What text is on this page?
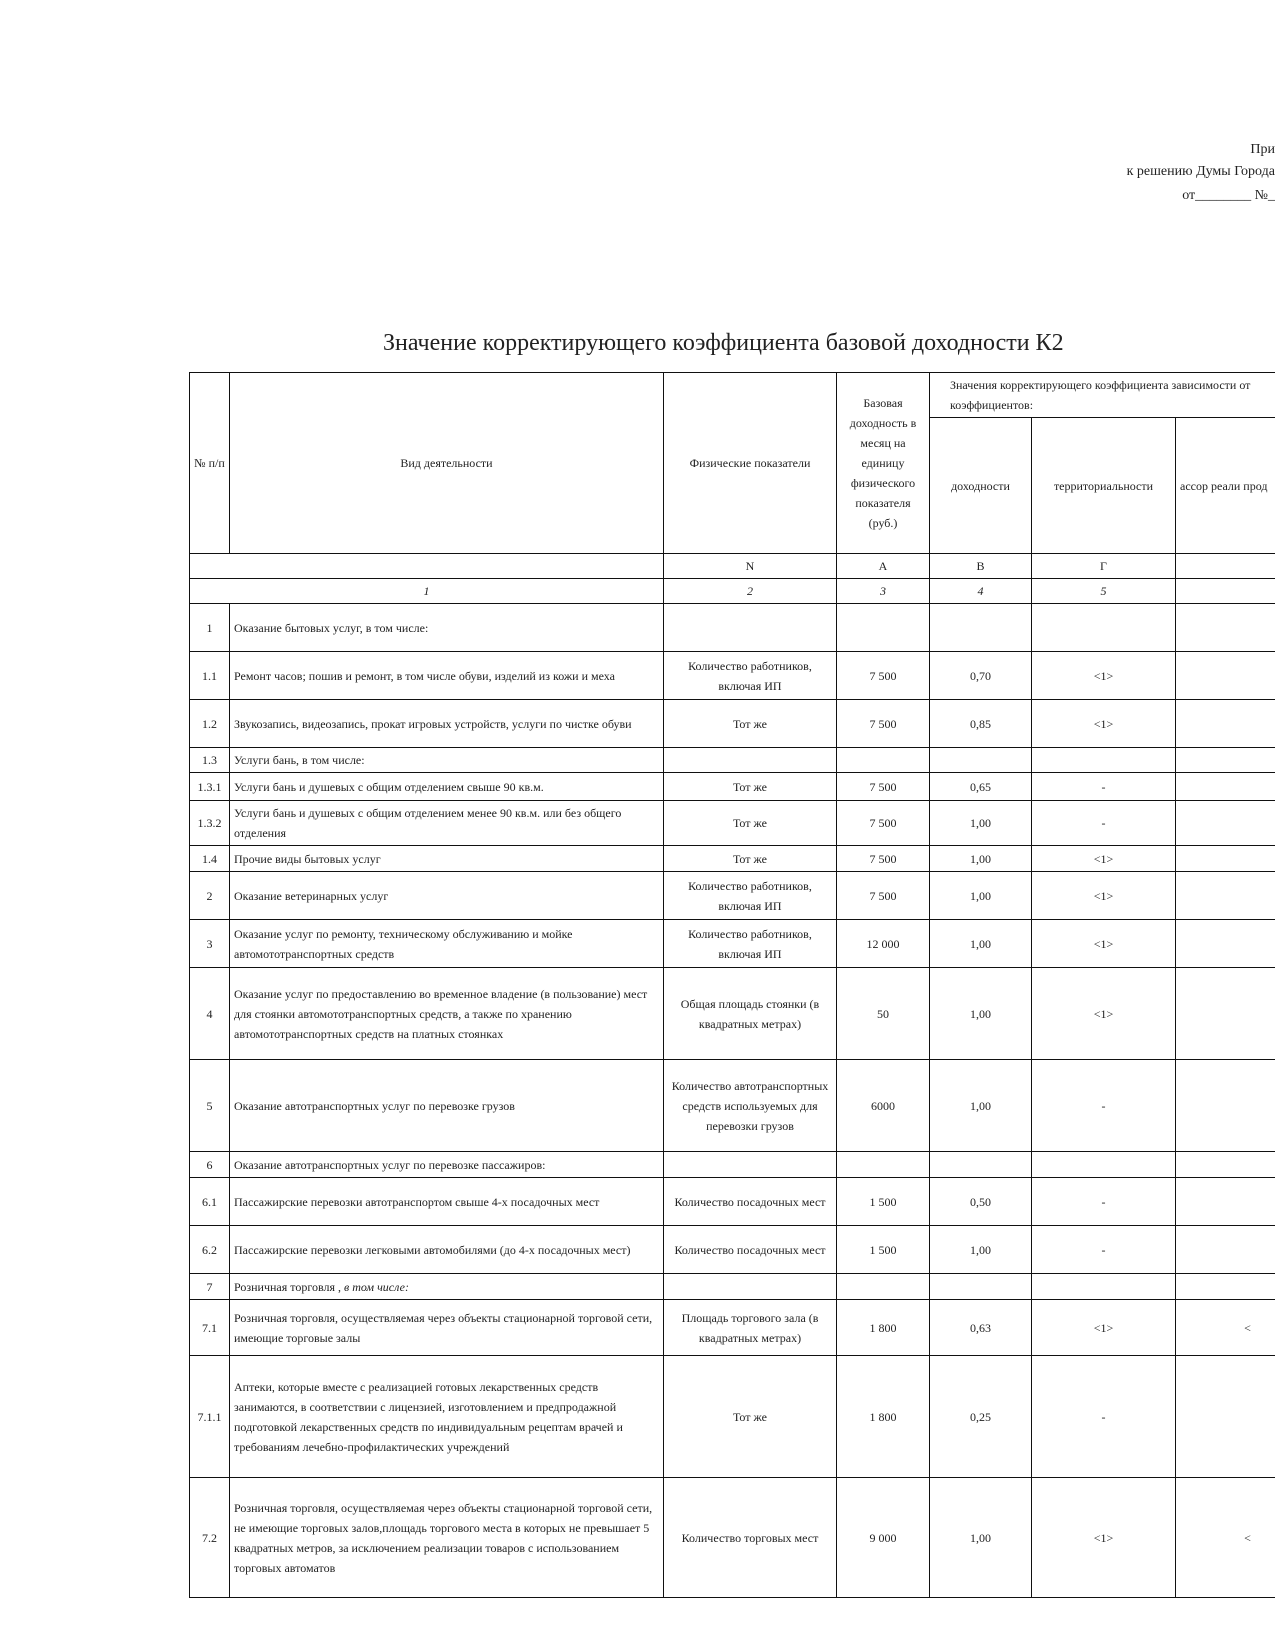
При
к решению Думы Города
от________ №_
Значение корректирующего коэффициента базовой доходности К2
№ п/п	Вид деятельности	Физические показатели	Базовая доходность в месяц на единицу физического показателя (руб.)	Значения корректирующего коэффициента зависимости от коэффициентов:		
				доходности	территориальности	ассор реали прод
		N	А	В	Г	
1		2	3	4	5	
1	Оказание бытовых услуг, в том числе:					
1.1	Ремонт часов; пошив и ремонт, в том числе обуви, изделий из кожи и меха	Количество работников, включая ИП	7 500	0,70	<1>	
1.2	Звукозапись, видеозапись, прокат игровых устройств, услуги по чистке обуви	Тот же	7 500	0,85	<1>	
1.3	Услуги бань, в том числе:					
1.3.1	Услуги бань и душевых с общим отделением свыше 90 кв.м.	Тот же	7 500	0,65	-	
1.3.2	Услуги бань и душевых с общим отделением менее 90 кв.м. или без общего отделения	Тот же	7 500	1,00	-	
1.4	Прочие виды бытовых услуг	Тот же	7 500	1,00	<1>	
2	Оказание ветеринарных услуг	Количество работников, включая ИП	7 500	1,00	<1>	
3	Оказание услуг по ремонту, техническому обслуживанию и мойке автомототранспортных средств	Количество работников, включая ИП	12 000	1,00	<1>	
4	Оказание услуг по предоставлению во временное владение (в пользование) мест для стоянки автомототранспортных средств, а также по хранению автомототранспортных средств на платных стоянках	Общая площадь стоянки (в квадратных метрах)	50	1,00	<1>	
5	Оказание автотранспортных услуг по перевозке грузов	Количество автотранспортных средств используемых для перевозки грузов	6000	1,00	-	
6	Оказание автотранспортных услуг по перевозке пассажиров:					
6.1	Пассажирские перевозки автотранспортом свыше 4-х посадочных мест	Количество посадочных мест	1 500	0,50	-	
6.2	Пассажирские перевозки легковыми автомобилями (до 4-х посадочных мест)	Количество посадочных мест	1 500	1,00	-	
7	Розничная торговля , в том числе:					
7.1	Розничная торговля, осуществляемая через объекты стационарной торговой сети, имеющие торговые залы	Площадь торгового зала (в квадратных метрах)	1 800	0,63	<1>	<
7.1.1	Аптеки, которые вместе с реализацией готовых лекарственных средств занимаются, в соответствии с лицензией, изготовлением и предпродажной подготовкой лекарственных средств по индивидуальным рецептам врачей и требованиям лечебно-профилактических учреждений	Тот же	1 800	0,25	-	
7.2	Розничная торговля, осуществляемая через объекты стационарной торговой сети, не имеющие торговых залов,площадь торгового места в которых не превышает 5 квадратных метров, за исключением реализации товаров с использованием торговых автоматов	Количество торговых мест	9 000	1,00	<1>	<
